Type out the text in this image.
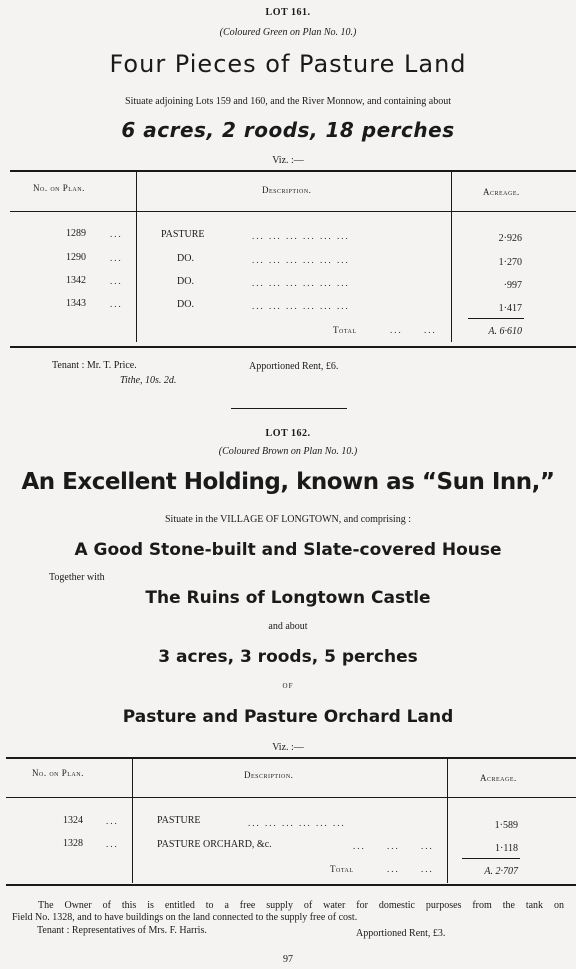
LOT 161.
(Coloured Green on Plan No. 10.)
Four Pieces of Pasture Land
Situate adjoining Lots 159 and 160, and the River Monnow, and containing about
6 acres, 2 roods, 18 perches
Viz. :—
No. on Plan.	Description.	Acreage.
1289	...	PASTURE	... ... ... ... ... ...	2·926
1290	...	DO.	... ... ... ... ... ...	1·270
1342	...	DO.	... ... ... ... ... ...	·997
1343	...	DO.	... ... ... ... ... ...	1·417
Total	... ...	A. 6·610
Tenant : Mr. T. Price.
Tithe, 10s. 2d.
Apportioned Rent, £6.
LOT 162.
(Coloured Brown on Plan No. 10.)
An Excellent Holding, known as “Sun Inn,”
Situate in the VILLAGE OF LONGTOWN, and comprising :
A Good Stone-built and Slate-covered House
Together with
The Ruins of Longtown Castle
and about
3 acres, 3 roods, 5 perches
OF
Pasture and Pasture Orchard Land
Viz. :—
No. on Plan.	Description.	Acreage.
1324	...	PASTURE	... ... ... ... ... ...	1·589
1328	...	PASTURE ORCHARD, &c.	... ... ...	1·118
Total	... ...	A. 2·707
The Owner of this is entitled to a free supply of water for domestic purposes from the tank on
Field No. 1328, and to have buildings on the land connected to the supply free of cost.
Tenant : Representatives of Mrs. F. Harris.	Apportioned Rent, £3.
97
